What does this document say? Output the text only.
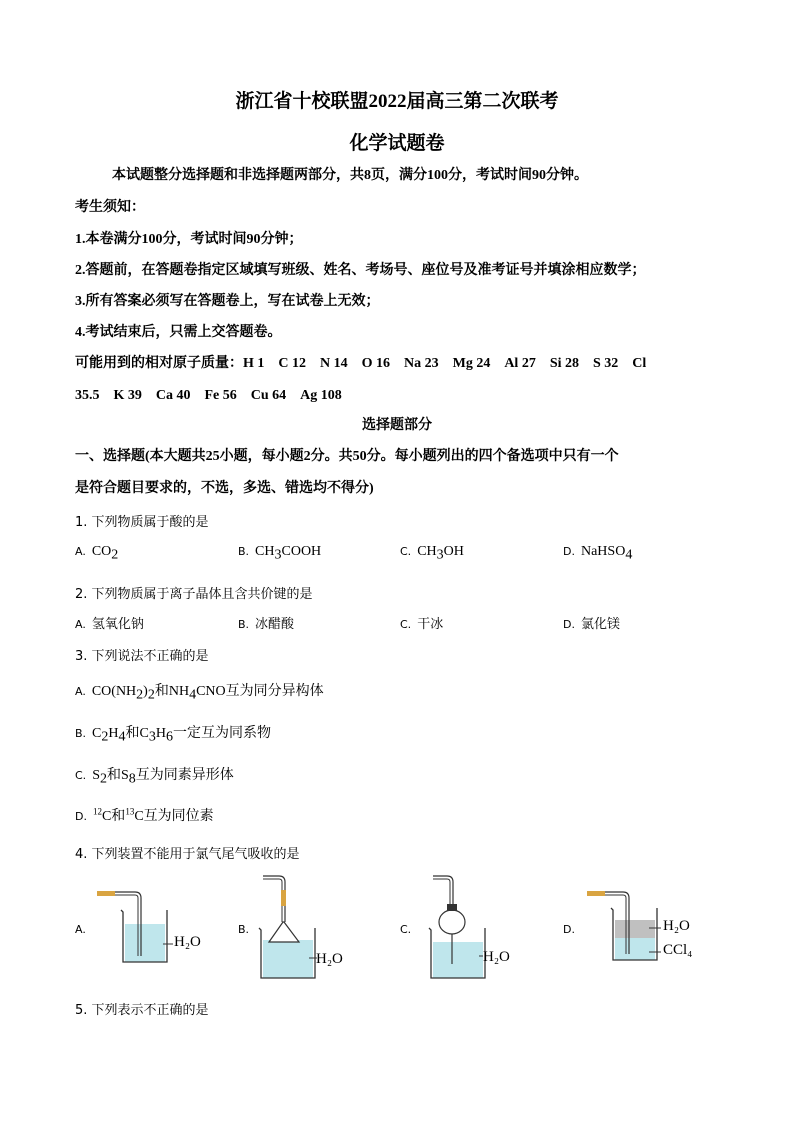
浙江省十校联盟2022届高三第二次联考
化学试题卷
本试题整分选择题和非选择题两部分，共8页，满分100分，考试时间90分钟。
考生须知：
1.本卷满分100分，考试时间90分钟；
2.答题前，在答题卷指定区域填写班级、姓名、考场号、座位号及准考证号并填涂相应数学；
3.所有答案必须写在答题卷上，写在试卷上无效；
4.考试结束后，只需上交答题卷。
可能用到的相对原子质量：H 1　C 12　N 14　O 16　Na 23　Mg 24　Al 27　Si 28　S 32　Cl
35.5　K 39　Ca 40　Fe 56　Cu 64　Ag 108
选择题部分
一、选择题(本大题共25小题，每小题2分。共50分。每小题列出的四个备选项中只有一个
是符合题目要求的，不选，多选、错选均不得分)
1. 下列物质属于酸的是
A. $CO_2$	B. $CH_3COOH$	C. $CH_3OH$	D. NaHSO$_4$
2. 下列物质属于离子晶体且含共价键的是
A. 氢氧化钠	B. 冰醋酸	C. 干冰	D. 氯化镁
3. 下列说法不正确的是
A. $CO(NH_2)_2$和$NH_4CNO$互为同分异构体
B. $C_2H_4$和$C_3H_6$一定互为同系物
C. $S_2$和$S_8$互为同素异形体
D. $^{12}$C和$^{13}$C互为同位素
4. 下列装置不能用于氯气尾气吸收的是
A.
H₂O
B.
H₂O
C.
H₂O
D.	H₂O
CCl₄
5. 下列表示不正确的是
